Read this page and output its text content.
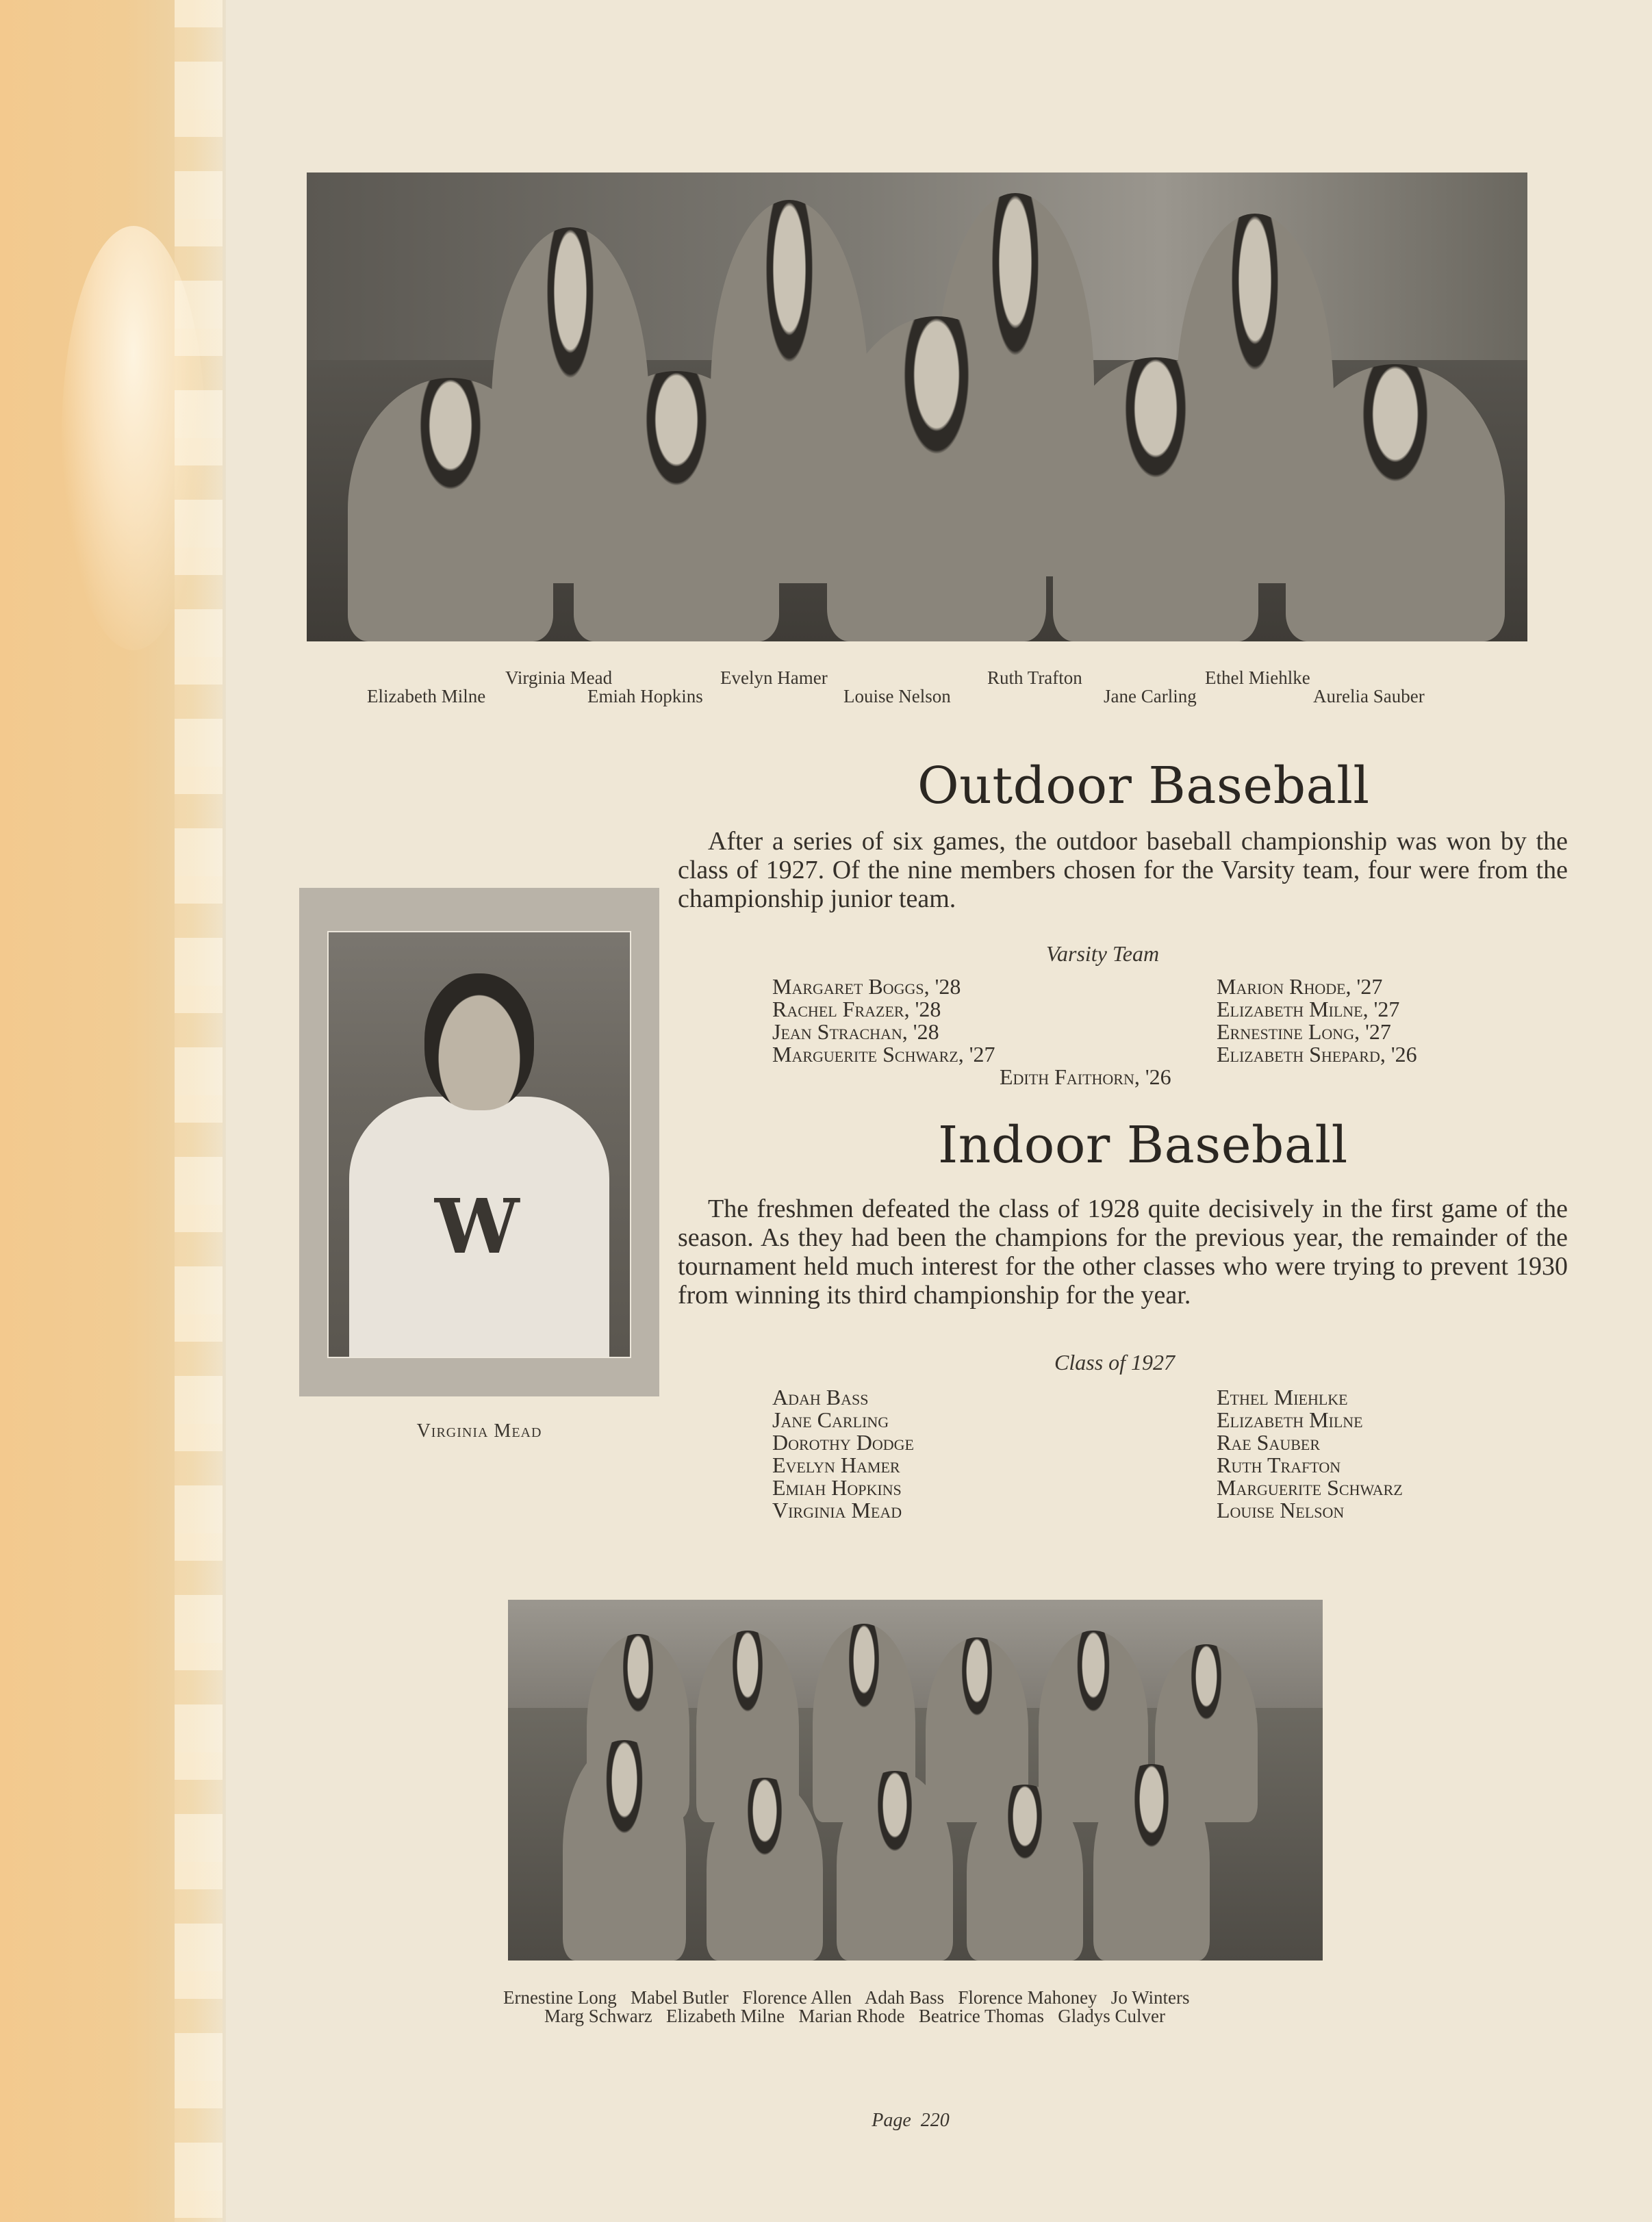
Virginia Mead	Evelyn Hamer	Ruth Trafton	Ethel Miehlke
Elizabeth Milne	Emiah Hopkins	Louise Nelson	Jane Carling	Aurelia Sauber
Outdoor Baseball

After a series of six games, the outdoor baseball championship was won by the class of 1927. Of the nine members chosen for the Varsity team, four were from the championship junior team.

Varsity Team
Margaret Boggs, '28
Rachel Frazer, '28
Jean Strachan, '28
Marguerite Schwarz, '27
Marion Rhode, '27
Elizabeth Milne, '27
Ernestine Long, '27
Elizabeth Shepard, '26
Edith Faithorn, '26
W
Virginia Mead
Indoor Baseball

The freshmen defeated the class of 1928 quite decisively in the first game of the season. As they had been the champions for the previous year, the remainder of the tournament held much interest for the other classes who were trying to prevent 1930 from winning its third championship for the year.

Class of 1927
Adah Bass
Jane Carling
Dorothy Dodge
Evelyn Hamer
Emiah Hopkins
Virginia Mead
Ethel Miehlke
Elizabeth Milne
Rae Sauber
Ruth Trafton
Marguerite Schwarz
Louise Nelson
Ernestine Long   Mabel Butler   Florence Allen   Adah Bass   Florence Mahoney   Jo Winters
Marg Schwarz   Elizabeth Milne   Marian Rhode   Beatrice Thomas   Gladys Culver
Page  220
